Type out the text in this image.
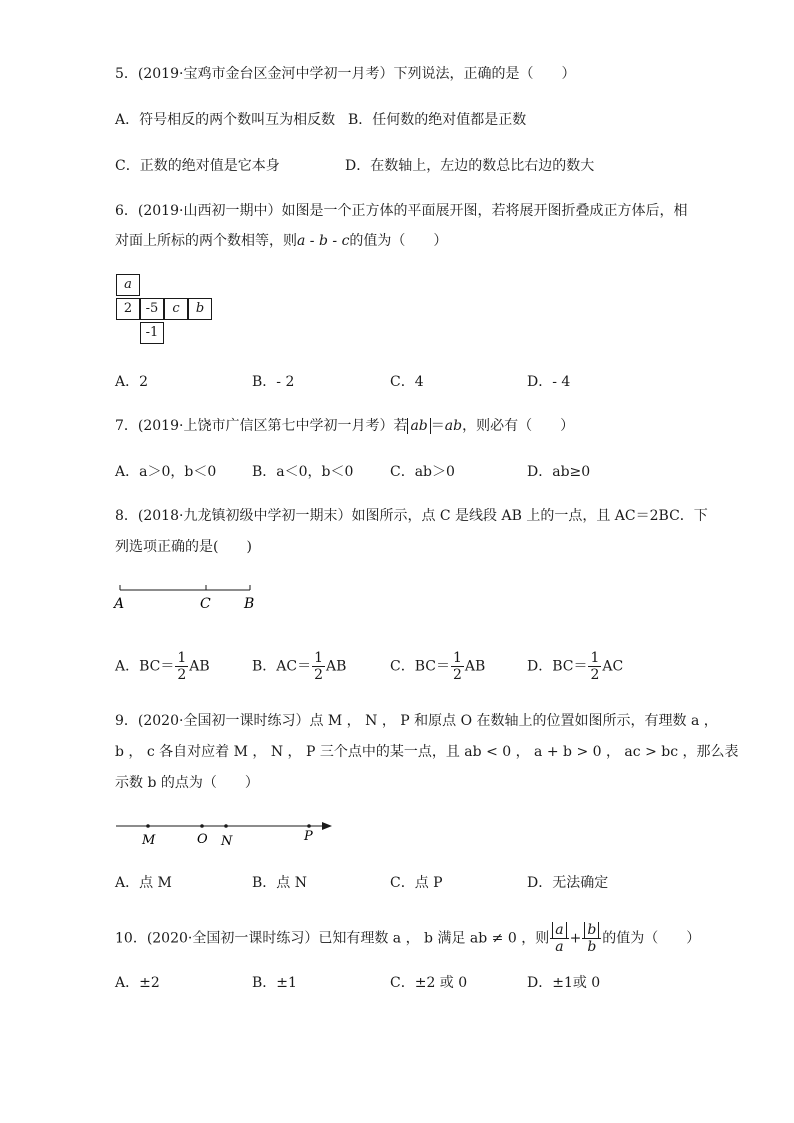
5．(2019·宝鸡市金台区金河中学初一月考）下列说法，正确的是（　　）
A．符号相反的两个数叫互为相反数 B．任何数的绝对值都是正数
C．正数的绝对值是它本身	D．在数轴上，左边的数总比右边的数大
6．(2019·山西初一期中）如图是一个正方体的平面展开图，若将展开图折叠成正方体后，相
对面上所标的两个数相等，则a - b - c的值为（　　）
a
2	-5	c	b
-1
A．2	B．- 2	C．4	D．- 4
7．(2019·上饶市广信区第七中学初一月考）若 ab ＝ab，则必有（　　）
A．a＞0，b＜0	B．a＜0，b＜0	C．ab＞0	D．ab≥0
8．(2018·九龙镇初级中学初一期末）如图所示，点 C 是线段 AB 上的一点，且 AC＝2BC．下
列选项正确的是(　　)
A	C B
A．$BC= \frac{1}{2}$ AB	B．$AC= \frac{1}{2}$ AB	C．$BC= \frac{1}{2}$ AB	D．$BC= \frac{1}{2}$ AC
9．(2020·全国初一课时练习）点 M ， N ， P 和原点 O 在数轴上的位置如图所示，有理数 a ，
b ， c 各自对应着 M ， N ， P 三个点中的某一点，且 ab < 0 ， a + b > 0 ， ac > bc ，那么表
示数 b 的点为（　　）
M	O N	P
A．点 M	B．点 N	C．点 P	D．无法确定
10．(2020·全国初一课时练习）已知有理数 a ， b 满足 ab ≠ 0 ，则 $\frac{a}{a} + \frac{b}{b}$ 的值为（　　）
A．±2	B．±1	C．±2 或 0	D．±1或 0
